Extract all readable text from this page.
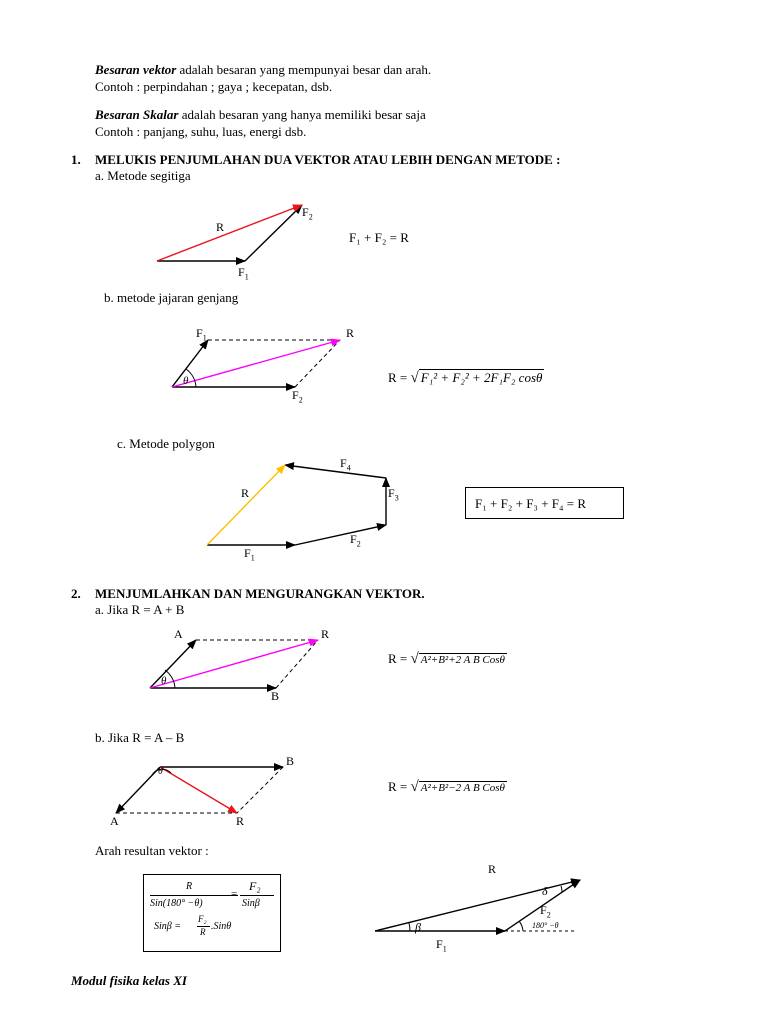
Besaran vektor adalah besaran yang mempunyai besar dan arah.
Contoh : perpindahan ; gaya ; kecepatan, dsb.
Besaran Skalar adalah besaran yang hanya memiliki besar saja
Contoh : panjang, suhu, luas, energi dsb.
1. MELUKIS PENJUMLAHAN DUA VEKTOR ATAU LEBIH DENGAN METODE :
a. Metode segitiga
R
$F_2$
$F_1$
F₁ + F₂ = R
b. metode jajaran genjang
θ
$F_1$	R
$F_2$
R = √ F₁² + F₂² + 2F₁F₂ cosθ
c. Metode polygon
$F_4$
R	$F_3$
$F_2$
$F_1$
F₁ + F₂ + F₃ + F₄ = R
2. MENJUMLAHKAN DAN MENGURANGKAN VEKTOR.
a. Jika R = A + B
θ
A	R
B
R = √ A²+B²+2 A B Cosθ
b. Jika R = A – B
θ
B
A	R
R = √ A²+B²−2 A B Cosθ
Arah resultan vektor :
R
Sin(180° −θ)
=
F₂
Sinβ
Sinβ =
F₂
R .Sinθ
R
δ
$F_2$
β	180° −θ
$F_1$
Modul fisika kelas XI
